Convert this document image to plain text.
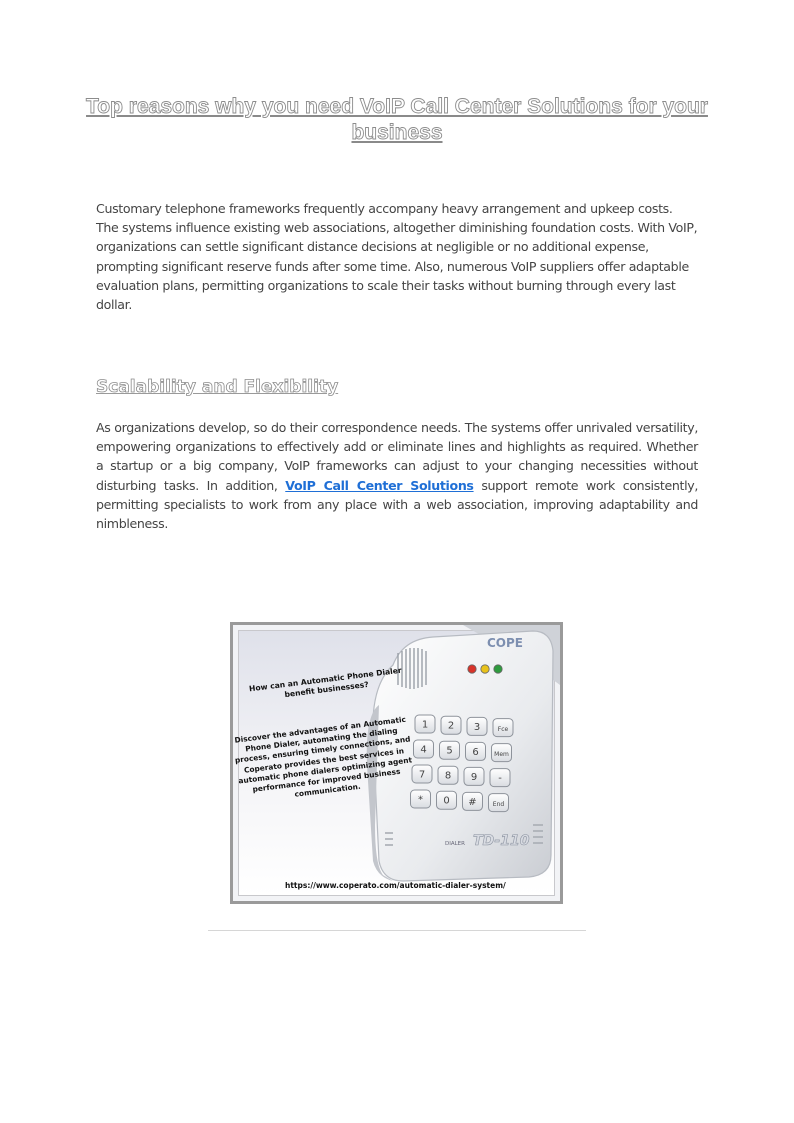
Top reasons why you need VoIP Call Center Solutions for your business

Customary telephone frameworks frequently accompany heavy arrangement and upkeep costs. The systems influence existing web associations, altogether diminishing foundation costs. With VoIP, organizations can settle significant distance decisions at negligible or no additional expense, prompting significant reserve funds after some time. Also, numerous VoIP suppliers offer adaptable evaluation plans, permitting organizations to scale their tasks without burning through every last dollar.

Scalability and Flexibility

As organizations develop, so do their correspondence needs. The systems offer unrivaled versatility, empowering organizations to effectively add or eliminate lines and highlights as required. Whether a startup or a big company, VoIP frameworks can adjust to your changing necessities without disturbing tasks. In addition, VoIP Call Center Solutions support remote work consistently, permitting specialists to work from any place with a web association, improving adaptability and nimbleness.

COPE
1 2 3	Fce
4 5 6	Mem
7 8 9 -
* 0 #	End
DIALER TD-110

How can an Automatic Phone Dialer benefit businesses?

Discover the advantages of an Automatic Phone Dialer, automating the dialing process, ensuring timely connections, and Coperato provides the best services in automatic phone dialers optimizing agent performance for improved business communication.

https://www.coperato.com/automatic-dialer-system/
